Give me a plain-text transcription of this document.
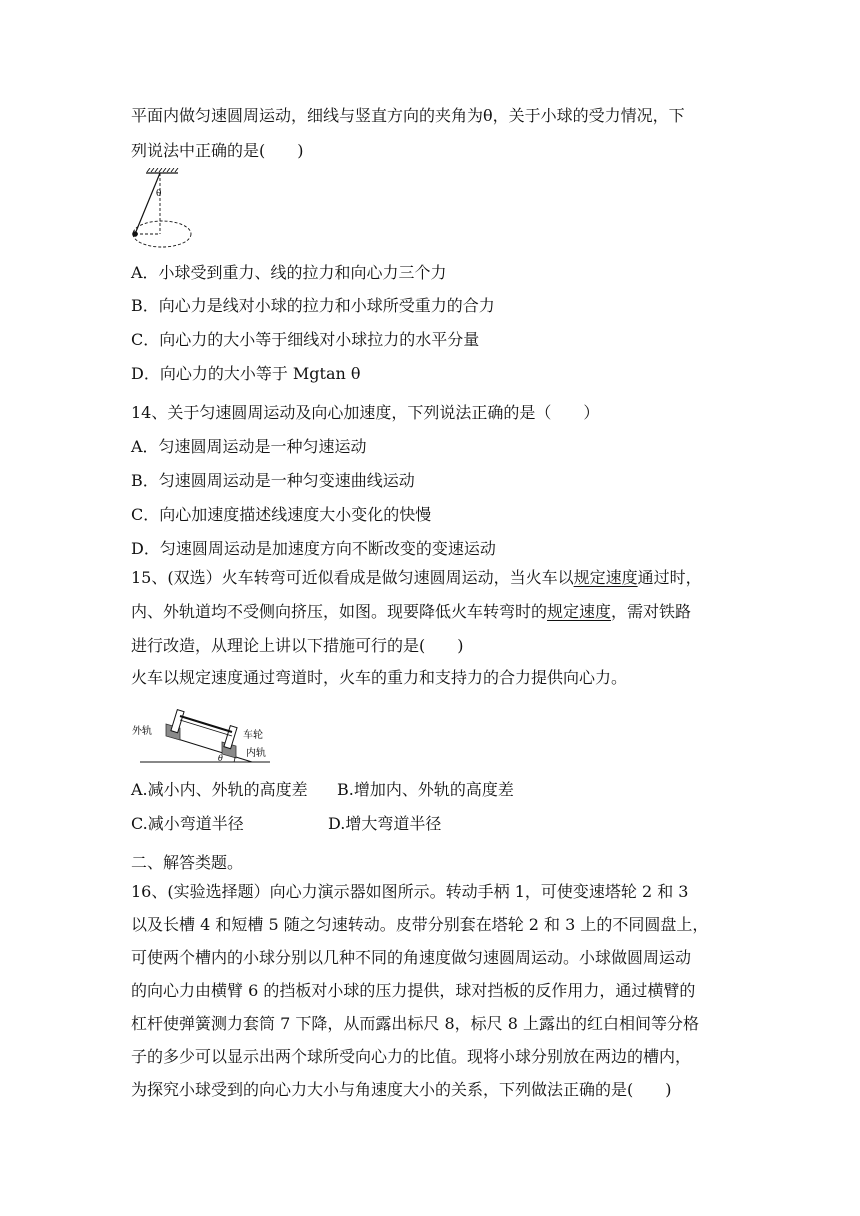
平面内做匀速圆周运动，细线与竖直方向的夹角为θ，关于小球的受力情况，下
列说法中正确的是(　　)
θ
A．小球受到重力、线的拉力和向心力三个力
B．向心力是线对小球的拉力和小球所受重力的合力
C．向心力的大小等于细线对小球拉力的水平分量
D．向心力的大小等于 Mgtan θ
14、关于匀速圆周运动及向心加速度，下列说法正确的是（　　）
A．匀速圆周运动是一种匀速运动
B．匀速圆周运动是一种匀变速曲线运动
C．向心加速度描述线速度大小变化的快慢
D．匀速圆周运动是加速度方向不断改变的变速运动
15、(双选）火车转弯可近似看成是做匀速圆周运动，当火车以规定速度通过时，
内、外轨道均不受侧向挤压，如图。现要降低火车转弯时的规定速度，需对铁路
进行改造，从理论上讲以下措施可行的是(　　)
火车以规定速度通过弯道时，火车的重力和支持力的合力提供向心力。
θ
外轨	车轮
内轨
A.减小内、外轨的高度差 B.增加内、外轨的高度差
C.减小弯道半径	D.增大弯道半径
二、解答类题。
16、(实验选择题）向心力演示器如图所示。转动手柄 1，可使变速塔轮 2 和 3
以及长槽 4 和短槽 5 随之匀速转动。皮带分别套在塔轮 2 和 3 上的不同圆盘上，
可使两个槽内的小球分别以几种不同的角速度做匀速圆周运动。小球做圆周运动
的向心力由横臂 6 的挡板对小球的压力提供，球对挡板的反作用力，通过横臂的
杠杆使弹簧测力套筒 7 下降，从而露出标尺 8，标尺 8 上露出的红白相间等分格
子的多少可以显示出两个球所受向心力的比值。现将小球分别放在两边的槽内，
为探究小球受到的向心力大小与角速度大小的关系，下列做法正确的是(　　)
